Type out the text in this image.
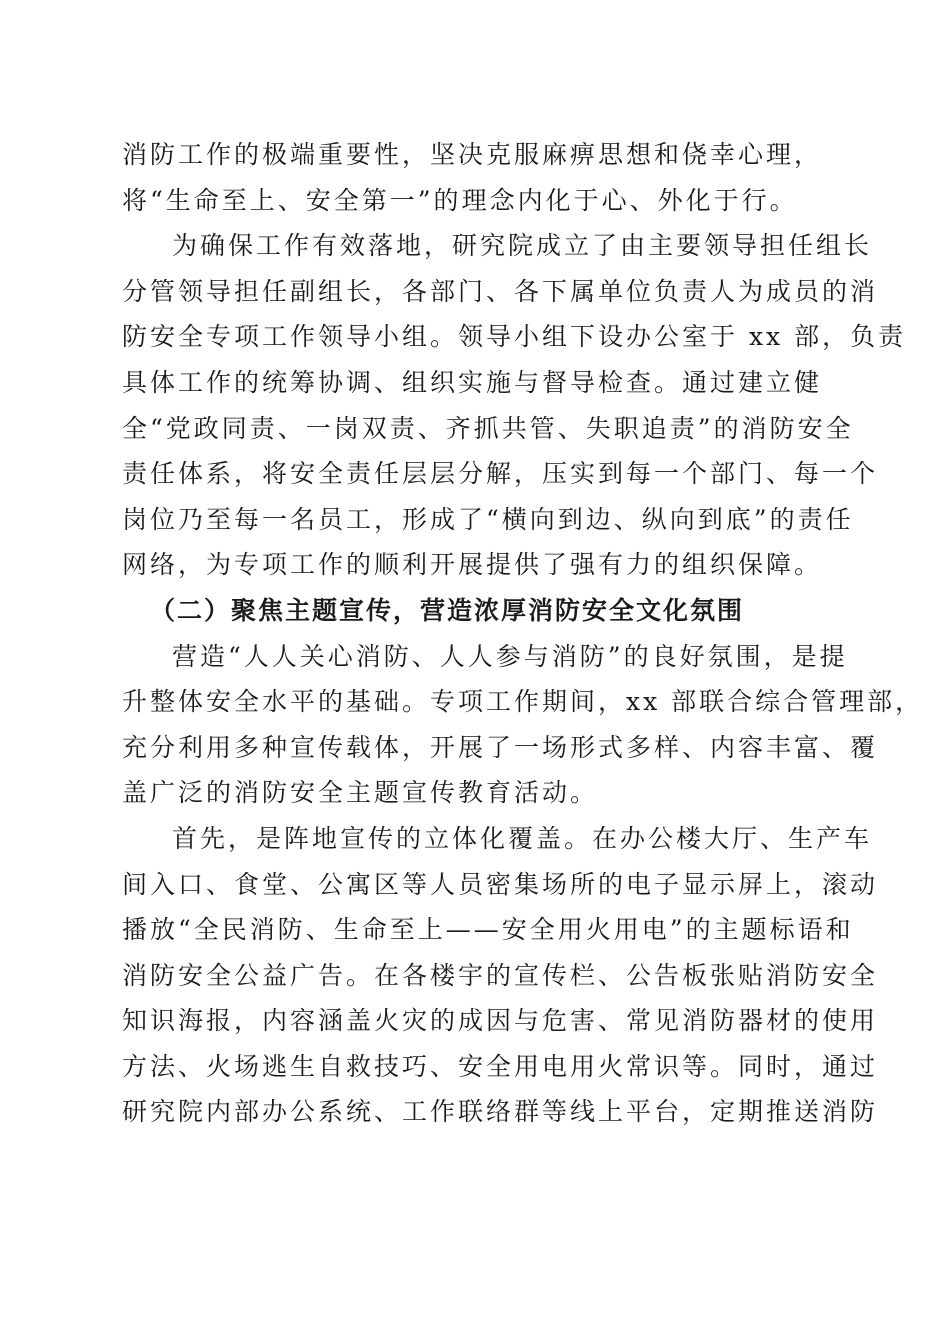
消防工作的极端重要性，坚决克服麻痹思想和侥幸心理，
将“生命至上、安全第一”的理念内化于心、外化于行。
为确保工作有效落地，研究院成立了由主要领导担任组长
分管领导担任副组长，各部门、各下属单位负责人为成员的消
防安全专项工作领导小组。领导小组下设办公室于 xx 部，负责
具体工作的统筹协调、组织实施与督导检查。通过建立健
全“党政同责、一岗双责、齐抓共管、失职追责”的消防安全
责任体系，将安全责任层层分解，压实到每一个部门、每一个
岗位乃至每一名员工，形成了“横向到边、纵向到底”的责任
网络，为专项工作的顺利开展提供了强有力的组织保障。
（二）聚焦主题宣传，营造浓厚消防安全文化氛围
营造“人人关心消防、人人参与消防”的良好氛围，是提
升整体安全水平的基础。专项工作期间，xx 部联合综合管理部，
充分利用多种宣传载体，开展了一场形式多样、内容丰富、覆
盖广泛的消防安全主题宣传教育活动。
首先，是阵地宣传的立体化覆盖。在办公楼大厅、生产车
间入口、食堂、公寓区等人员密集场所的电子显示屏上，滚动
播放“全民消防、生命至上——安全用火用电”的主题标语和
消防安全公益广告。在各楼宇的宣传栏、公告板张贴消防安全
知识海报，内容涵盖火灾的成因与危害、常见消防器材的使用
方法、火场逃生自救技巧、安全用电用火常识等。同时，通过
研究院内部办公系统、工作联络群等线上平台，定期推送消防
